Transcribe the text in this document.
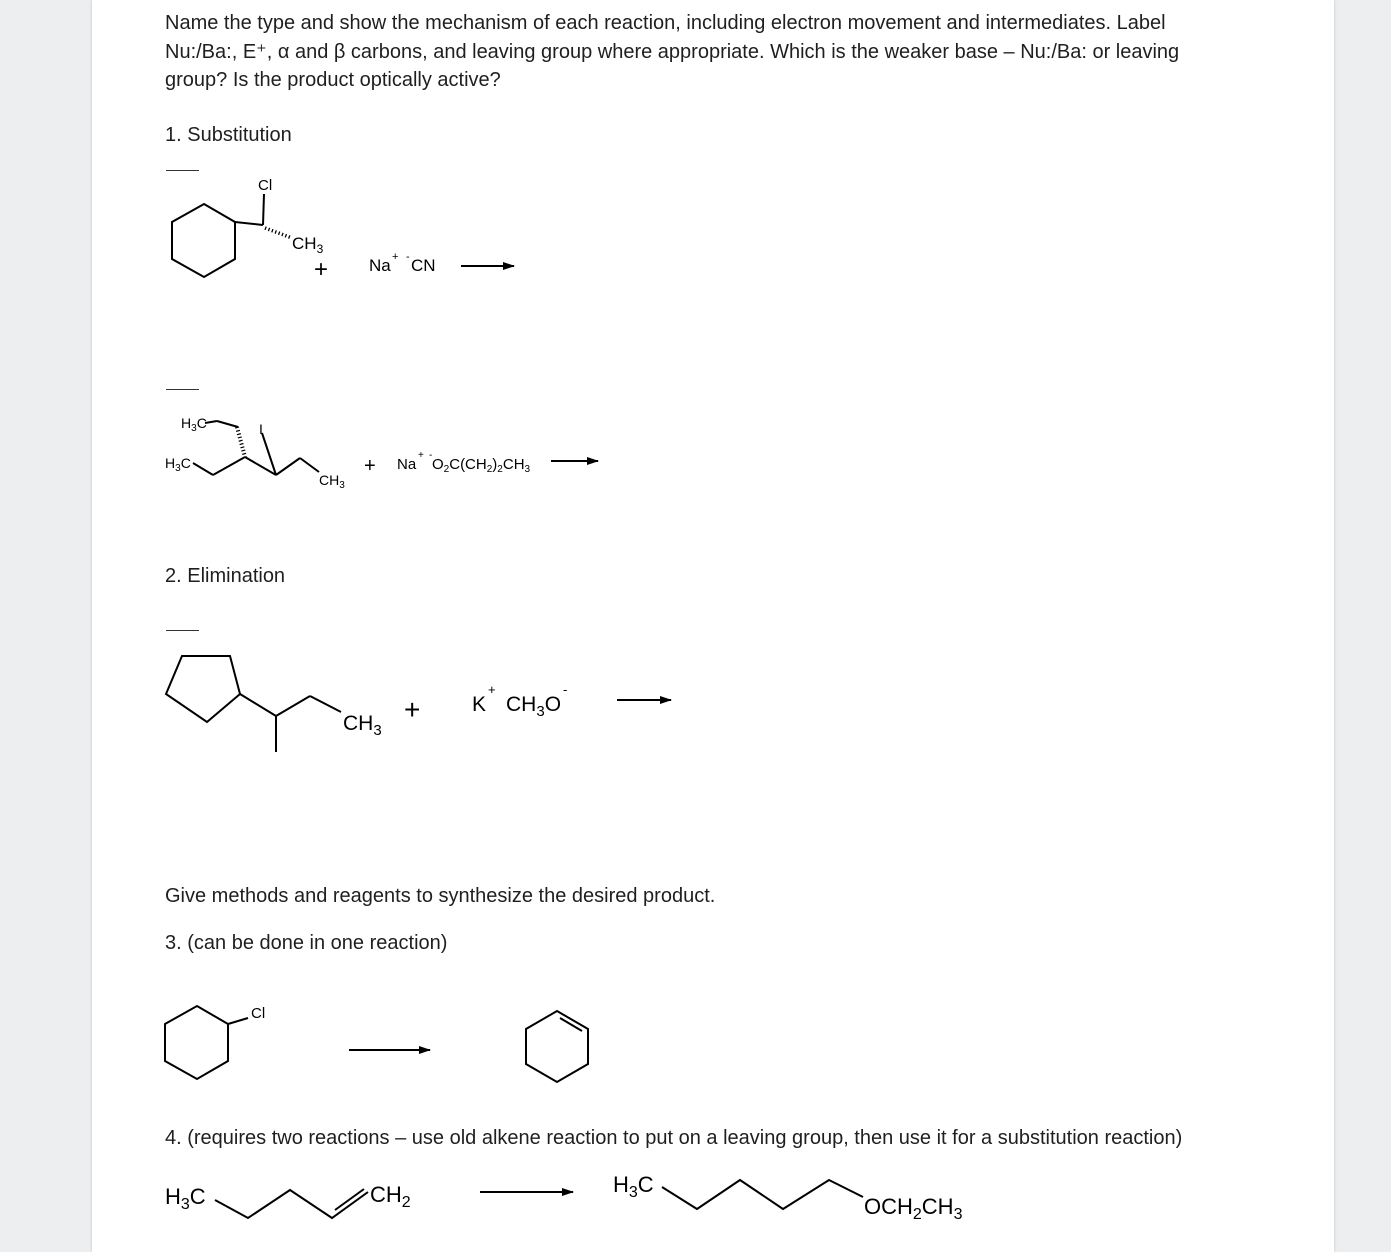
Name the type and show the mechanism of each reaction, including electron movement and intermediates. Label
Nu:/Ba:, E⁺, α and β carbons, and leaving group where appropriate. Which is the weaker base – Nu:/Ba: or leaving
group? Is the product optically active?
1. Substitution
2. Elimination
Give methods and reagents to synthesize the desired product.
3. (can be done in one reaction)
4. (requires two reactions – use old alkene reaction to put on a leaving group, then use it for a substitution reaction)
Cl
$CH_3$
+ Na + - CN
$H_3C$
$H_3C$
I
$CH_3$
+ Na
+ -
$O_2C(CH_2)_2CH_3$
$CH_3$
+ K
+
$CH_3O$
-
Cl
$H_3C$	$CH_2$
$H_3C$
$OCH_2CH_3$
